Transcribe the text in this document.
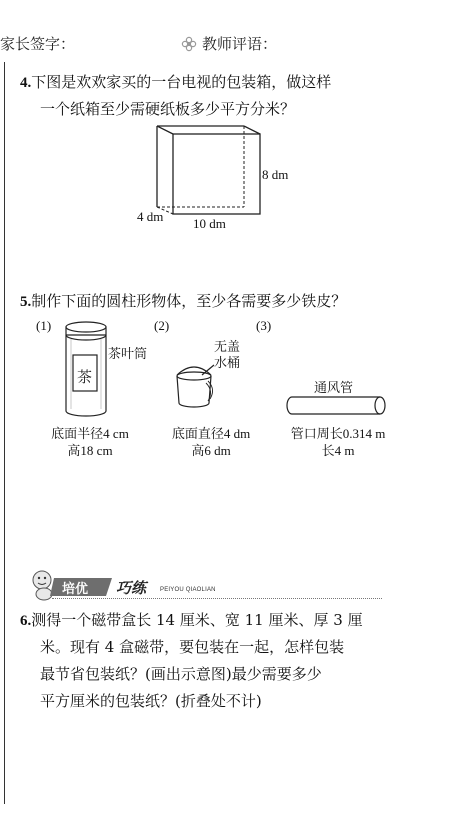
家长签字：	教师评语：
4.下图是欢欢家买的一台电视的包装箱，做这样
一个纸箱至少需硬纸板多少平方分米？
8 dm
4 dm 10 dm
5.制作下面的圆柱形物体，至少各需要多少铁皮？
(1)	(2)	(3)
茶
茶叶筒	无盖
水桶
通风管
底面半径4 cm
高18 cm
底面直径4 dm
高6 dm
管口周长0.314 m
长4 m
培优 巧练 PEIYOU QIAOLIAN
6.测得一个磁带盒长 14 厘米、宽 11 厘米、厚 3 厘
米。现有 4 盒磁带，要包装在一起，怎样包装
最节省包装纸？(画出示意图)最少需要多少
平方厘米的包装纸？(折叠处不计)
